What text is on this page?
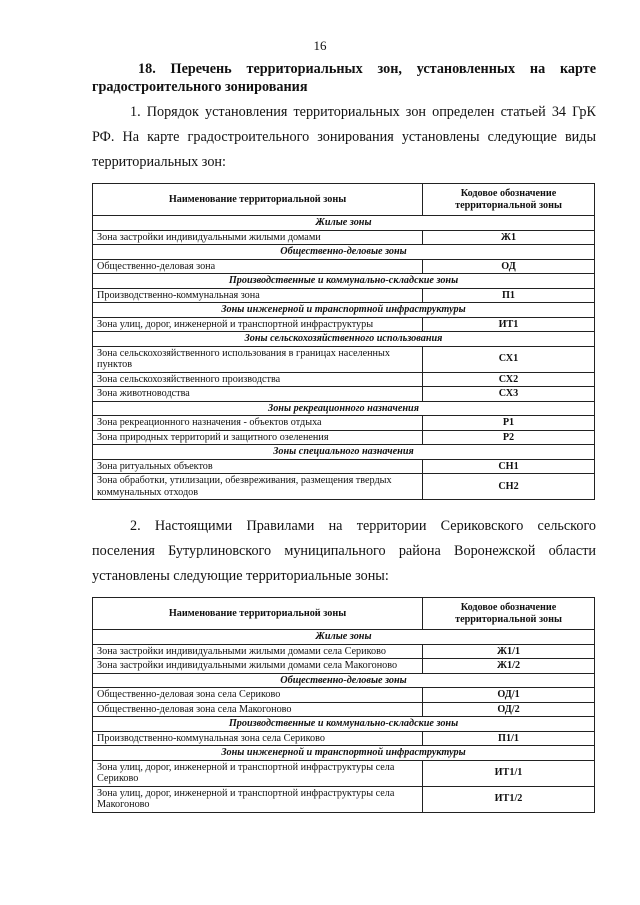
16
18. Перечень территориальных зон, установленных на карте
градостроительного зонирования
1. Порядок установления территориальных зон определен статьей 34 ГрК РФ. На карте градостроительного зонирования установлены следующие виды территориальных зон:
Наименование территориальной зоны	Кодовое обозначение территориальной зоны
Жилые зоны	
Зона застройки индивидуальными жилыми домами	Ж1
Общественно-деловые зоны	
Общественно-деловая зона	ОД
Производственные и коммунально-складские зоны	
Производственно-коммунальная зона	П1
Зоны инженерной и транспортной инфраструктуры	
Зона улиц, дорог, инженерной и транспортной инфраструктуры	ИТ1
Зоны сельскохозяйственного использования	
Зона сельскохозяйственного использования в границах населенных пунктов	СХ1
Зона сельскохозяйственного производства	СХ2
Зона животноводства	СХ3
Зоны рекреационного назначения	
Зона рекреационного назначения - объектов отдыха	Р1
Зона природных территорий и защитного озеленения	Р2
Зоны специального назначения	
Зона ритуальных объектов	СН1
Зона обработки, утилизации, обезвреживания, размещения твердых коммунальных отходов	СН2
2. Настоящими Правилами на территории Сериковского сельского поселения Бутурлиновского муниципального района Воронежской области установлены следующие территориальные зоны:
Наименование территориальной зоны	Кодовое обозначение территориальной зоны
Жилые зоны	
Зона застройки индивидуальными жилыми домами села Сериково	Ж1/1
Зона застройки индивидуальными жилыми домами села Макогоново	Ж1/2
Общественно-деловые зоны	
Общественно-деловая зона села Сериково	ОД/1
Общественно-деловая зона села Макогоново	ОД/2
Производственные и коммунально-складские зоны	
Производственно-коммунальная зона села Сериково	П1/1
Зоны инженерной и транспортной инфраструктуры	
Зона улиц, дорог, инженерной и транспортной инфраструктуры села Сериково	ИТ1/1
Зона улиц, дорог, инженерной и транспортной инфраструктуры села Макогоново	ИТ1/2
